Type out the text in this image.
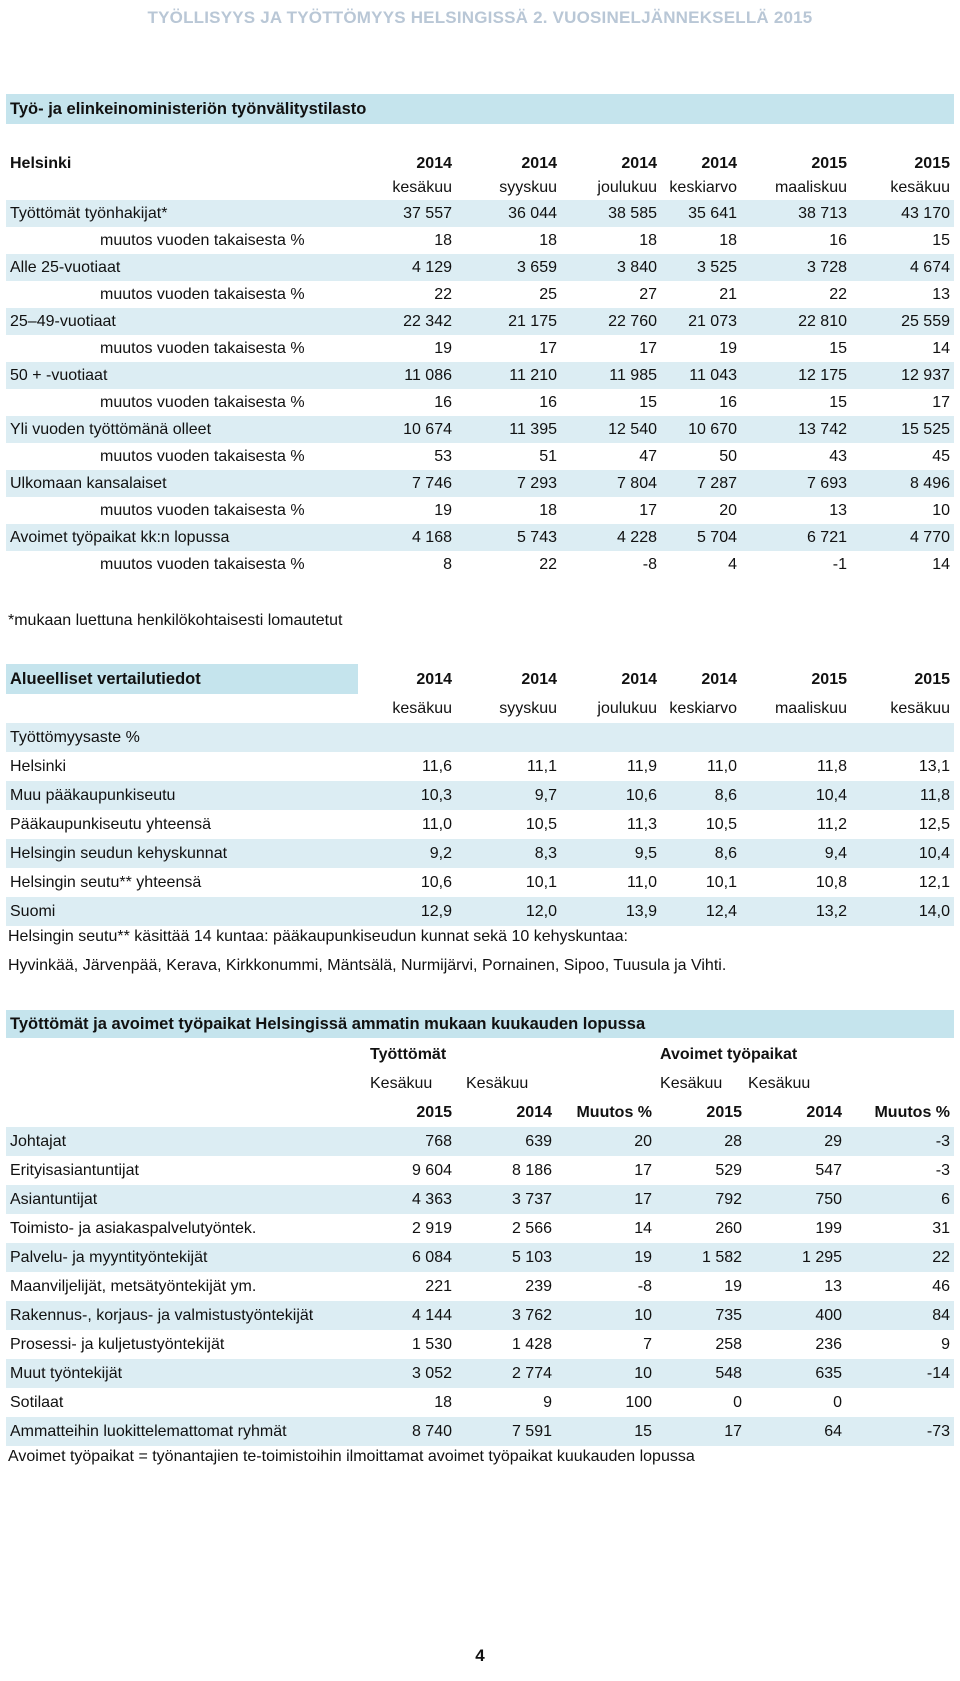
TYÖLLISYYS JA TYÖTTÖMYYS HELSINGISSÄ 2. VUOSINELJÄNNEKSELLÄ 2015
Työ- ja elinkeinoministeriön työnvälitystilasto
Helsinki	2014	2014	2014	2014	2015	2015
	kesäkuu	syyskuu	joulukuu	keskiarvo	maaliskuu	kesäkuu
Työttömät työnhakijat*	37 557	36 044	38 585	35 641	38 713	43 170
muutos vuoden takaisesta %	18	18	18	18	16	15
Alle 25-vuotiaat	4 129	3 659	3 840	3 525	3 728	4 674
muutos vuoden takaisesta %	22	25	27	21	22	13
25–49-vuotiaat	22 342	21 175	22 760	21 073	22 810	25 559
muutos vuoden takaisesta %	19	17	17	19	15	14
50 + -vuotiaat	11 086	11 210	11 985	11 043	12 175	12 937
muutos vuoden takaisesta %	16	16	15	16	15	17
Yli vuoden työttömänä olleet	10 674	11 395	12 540	10 670	13 742	15 525
muutos vuoden takaisesta %	53	51	47	50	43	45
Ulkomaan kansalaiset	7 746	7 293	7 804	7 287	7 693	8 496
muutos vuoden takaisesta %	19	18	17	20	13	10
Avoimet työpaikat kk:n lopussa	4 168	5 743	4 228	5 704	6 721	4 770
muutos vuoden takaisesta %	8	22	-8	4	-1	14
*mukaan luettuna henkilökohtaisesti lomautetut
Alueelliset vertailutiedot
		2014	2014	2014	2014	2015	2015
	kesäkuu	syyskuu	joulukuu	keskiarvo	maaliskuu	kesäkuu
Työttömyysaste %						
Helsinki	11,6	11,1	11,9	11,0	11,8	13,1
Muu pääkaupunkiseutu	10,3	9,7	10,6	8,6	10,4	11,8
Pääkaupunkiseutu yhteensä	11,0	10,5	11,3	10,5	11,2	12,5
Helsingin seudun kehyskunnat	9,2	8,3	9,5	8,6	9,4	10,4
Helsingin seutu** yhteensä	10,6	10,1	11,0	10,1	10,8	12,1
Suomi	12,9	12,0	13,9	12,4	13,2	14,0
Helsingin seutu** käsittää 14 kuntaa: pääkaupunkiseudun kunnat sekä 10 kehyskuntaa:
Hyvinkää, Järvenpää, Kerava, Kirkkonummi, Mäntsälä, Nurmijärvi, Pornainen, Sipoo, Tuusula ja Vihti.
Työttömät ja avoimet työpaikat Helsingissä ammatin mukaan kuukauden lopussa
	Työttömät			Avoimet työpaikat		
	Kesäkuu	Kesäkuu		Kesäkuu	Kesäkuu	
	2015	2014	Muutos %	2015	2014	Muutos %
Johtajat	768	639	20	28	29	-3
Erityisasiantuntijat	9 604	8 186	17	529	547	-3
Asiantuntijat	4 363	3 737	17	792	750	6
Toimisto- ja asiakaspalvelutyöntek.	2 919	2 566	14	260	199	31
Palvelu- ja myyntityöntekijät	6 084	5 103	19	1 582	1 295	22
Maanviljelijät, metsätyöntekijät ym.	221	239	-8	19	13	46
Rakennus-, korjaus- ja valmistustyöntekijät	4 144	3 762	10	735	400	84
Prosessi- ja kuljetustyöntekijät	1 530	1 428	7	258	236	9
Muut työntekijät	3 052	2 774	10	548	635	-14
Sotilaat	18	9	100	0	0	
Ammatteihin luokittelemattomat ryhmät	8 740	7 591	15	17	64	-73
Avoimet työpaikat = työnantajien te-toimistoihin ilmoittamat avoimet työpaikat kuukauden lopussa
4
